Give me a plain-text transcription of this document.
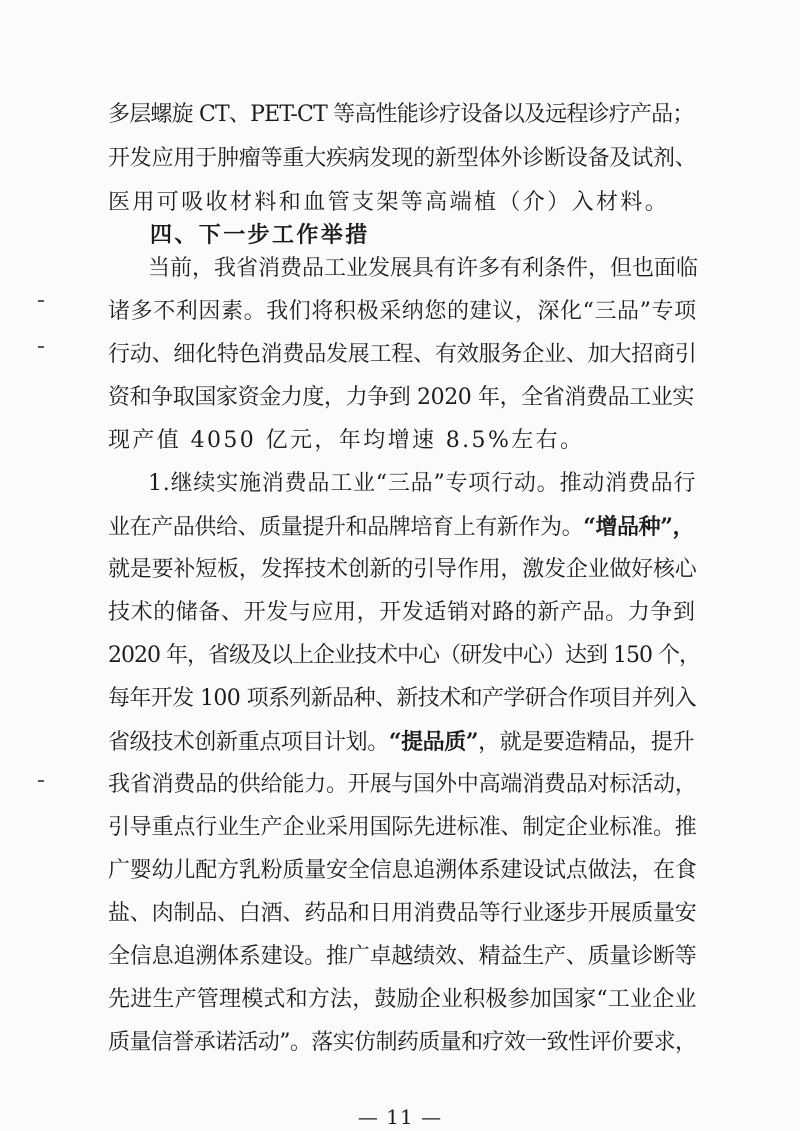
多层螺旋 CT、PET-CT 等高性能诊疗设备以及远程诊疗产品；
开发应用于肿瘤等重大疾病发现的新型体外诊断设备及试剂、
医用可吸收材料和血管支架等高端植（介）入材料。
四、下一步工作举措
当前，我省消费品工业发展具有许多有利条件，但也面临
诸多不利因素。我们将积极采纳您的建议，深化“三品”专项
行动、细化特色消费品发展工程、有效服务企业、加大招商引
资和争取国家资金力度，力争到 2020 年，全省消费品工业实
现产值 4050 亿元，年均增速 8.5%左右。
1.继续实施消费品工业“三品”专项行动。推动消费品行
业在产品供给、质量提升和品牌培育上有新作为。“增品种”，
就是要补短板，发挥技术创新的引导作用，激发企业做好核心
技术的储备、开发与应用，开发适销对路的新产品。力争到
2020 年，省级及以上企业技术中心（研发中心）达到 150 个，
每年开发 100 项系列新品种、新技术和产学研合作项目并列入
省级技术创新重点项目计划。“提品质”，就是要造精品，提升
我省消费品的供给能力。开展与国外中高端消费品对标活动，
引导重点行业生产企业采用国际先进标准、制定企业标准。推
广婴幼儿配方乳粉质量安全信息追溯体系建设试点做法，在食
盐、肉制品、白酒、药品和日用消费品等行业逐步开展质量安
全信息追溯体系建设。推广卓越绩效、精益生产、质量诊断等
先进生产管理模式和方法，鼓励企业积极参加国家“工业企业
质量信誉承诺活动”。落实仿制药质量和疗效一致性评价要求，
— 11 —
